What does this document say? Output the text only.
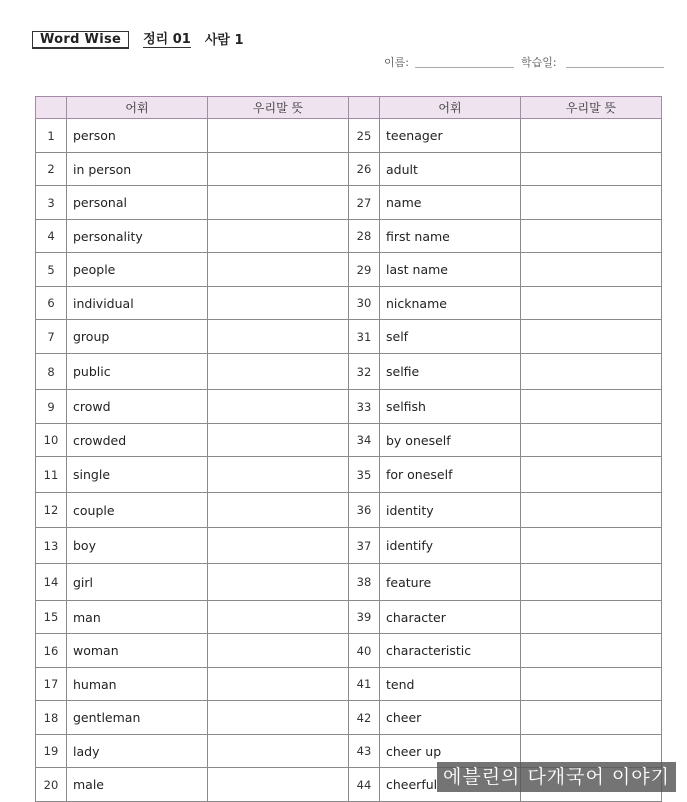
Word Wise	정리 01 사람 1
이름:	학습일:
	어휘	우리말 뜻		어휘	우리말 뜻
1	person		25	teenager	
2	in person		26	adult	
3	personal		27	name	
4	personality		28	first name	
5	people		29	last name	
6	individual		30	nickname	
7	group		31	self	
8	public		32	selfie	
9	crowd		33	selfish	
10	crowded		34	by oneself	
11	single		35	for oneself	
12	couple		36	identity	
13	boy		37	identify	
14	girl		38	feature	
15	man		39	character	
16	woman		40	characteristic	
17	human		41	tend	
18	gentleman		42	cheer	
19	lady		43	cheer up	
20	male		44	cheerful	에블린의 다개국어 이야기
